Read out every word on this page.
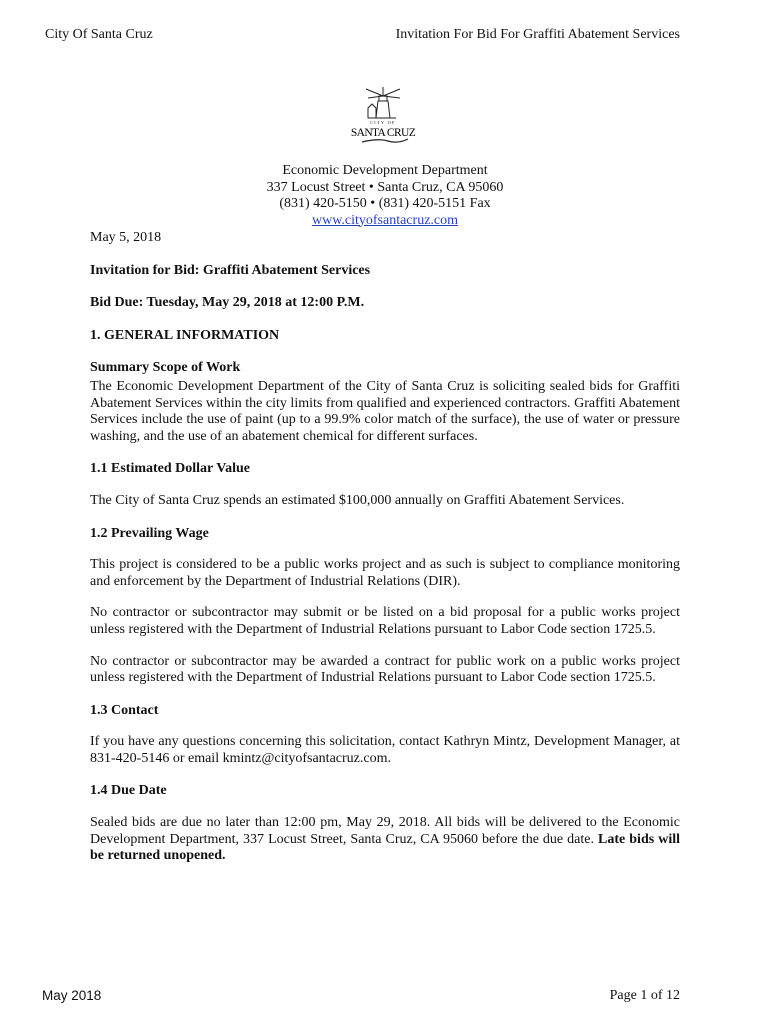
City Of Santa Cruz	Invitation For Bid For Graffiti Abatement Services
CITY OF
SANTA CRUZ
Economic Development Department
337 Locust Street • Santa Cruz, CA 95060
(831) 420-5150 • (831) 420-5151 Fax
www.cityofsantacruz.com

May 5, 2018

Invitation for Bid: Graffiti Abatement Services

Bid Due: Tuesday, May 29, 2018 at 12:00 P.M.

1. GENERAL INFORMATION

Summary Scope of Work

The Economic Development Department of the City of Santa Cruz is soliciting sealed bids for Graffiti Abatement Services within the city limits from qualified and experienced contractors. Graffiti Abatement Services include the use of paint (up to a 99.9% color match of the surface), the use of water or pressure washing, and the use of an abatement chemical for different surfaces.

1.1 Estimated Dollar Value

The City of Santa Cruz spends an estimated $100,000 annually on Graffiti Abatement Services.

1.2 Prevailing Wage

This project is considered to be a public works project and as such is subject to compliance monitoring and enforcement by the Department of Industrial Relations (DIR).

No contractor or subcontractor may submit or be listed on a bid proposal for a public works project unless registered with the Department of Industrial Relations pursuant to Labor Code section 1725.5.

No contractor or subcontractor may be awarded a contract for public work on a public works project unless registered with the Department of Industrial Relations pursuant to Labor Code section 1725.5.

1.3 Contact

If you have any questions concerning this solicitation, contact Kathryn Mintz, Development Manager, at 831-420-5146 or email kmintz@cityofsantacruz.com.

1.4 Due Date

Sealed bids are due no later than 12:00 pm, May 29, 2018. All bids will be delivered to the Economic Development Department, 337 Locust Street, Santa Cruz, CA 95060 before the due date. Late bids will be returned unopened.

May 2018	Page 1 of 12
